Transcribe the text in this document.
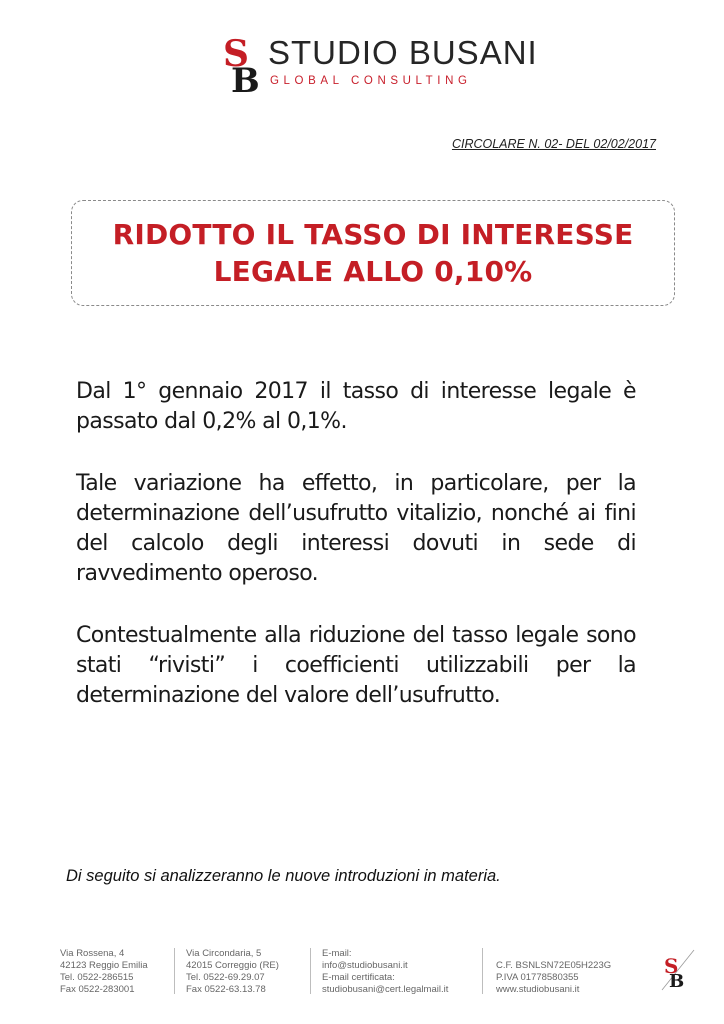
S
B
STUDIO BUSANI
GLOBAL CONSULTING
CIRCOLARE N. 02- DEL 02/02/2017
RIDOTTO IL TASSO DI INTERESSE
LEGALE ALLO 0,10%

Dal 1° gennaio 2017 il tasso di interesse legale è passato dal 0,2% al 0,1%.

Tale variazione ha effetto, in particolare, per la determinazione dell’usufrutto vitalizio, nonché ai fini del calcolo degli interessi dovuti in sede di ravvedimento operoso.

Contestualmente alla riduzione del tasso legale sono stati “rivisti” i coefficienti utilizzabili per la determinazione del valore dell’usufrutto.

Di seguito si analizzeranno le nuove introduzioni in materia.
Via Rossena, 4
42123 Reggio Emilia
Tel. 0522-286515
Fax 0522-283001
Via Circondaria, 5
42015 Correggio (RE)
Tel. 0522-69.29.07
Fax 0522-63.13.78
E-mail:
info@studiobusani.it
E-mail certificata:
studiobusani@cert.legalmail.it
C.F. BSNLSN72E05H223G
P.IVA 01778580355
www.studiobusani.it
S
B
